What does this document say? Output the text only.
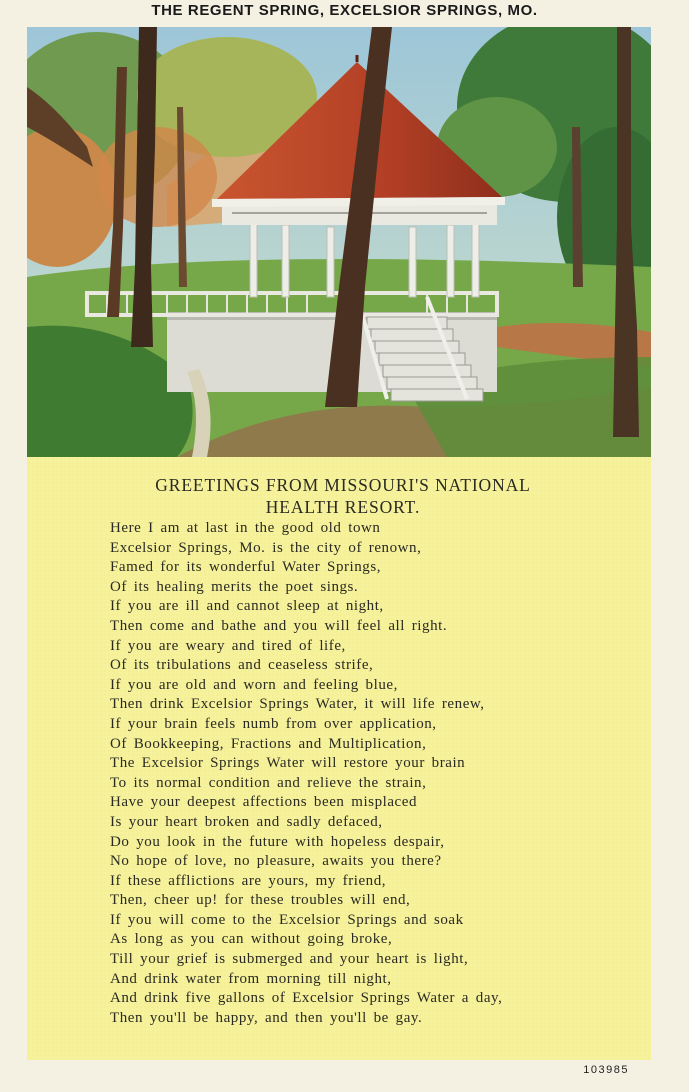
THE REGENT SPRING, EXCELSIOR SPRINGS, MO.
GREETINGS FROM MISSOURI'S NATIONAL
HEALTH RESORT.
Here I am at last in the good old town
Excelsior Springs, Mo. is the city of renown,
Famed for its wonderful Water Springs,
Of its healing merits the poet sings.
If you are ill and cannot sleep at night,
Then come and bathe and you will feel all right.
If you are weary and tired of life,
Of its tribulations and ceaseless strife,
If you are old and worn and feeling blue,
Then drink Excelsior Springs Water, it will life renew,
If your brain feels numb from over application,
Of Bookkeeping, Fractions and Multiplication,
The Excelsior Springs Water will restore your brain
To its normal condition and relieve the strain,
Have your deepest affections been misplaced
Is your heart broken and sadly defaced,
Do you look in the future with hopeless despair,
No hope of love, no pleasure, awaits you there?
If these afflictions are yours, my friend,
Then, cheer up! for these troubles will end,
If you will come to the Excelsior Springs and soak
As long as you can without going broke,
Till your grief is submerged and your heart is light,
And drink water from morning till night,
And drink five gallons of Excelsior Springs Water a day,
Then you'll be happy, and then you'll be gay.
103985
